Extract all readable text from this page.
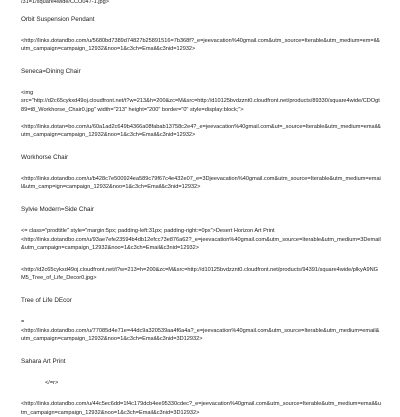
/31=1/square4wide/CCO047-1.jpg>
Orbit Suspension Pendant
<http://links.dotandbo.com/u/5680bd7389d74827b25891516=7b368f?_e=jeevacation%40gmail.com&utm_source=Iterable&utm_medium=em=il&utm_campaign=campaign_12932&noo=1&c3ch=Email&c3nid=12932>
Seneca=Dining Chair
<img
src="http://d2c65cykxd49oj.cloudfront.net/t?w=213&h=200&zc=M&src=http://d10125bvdzznt0.cloudfront.net/products/89330/square4wide/CDOgt89=t8_Workhorse_Chair0.jpg" width="213" height="200" border="0" style=display:block;">
<http://links.dotan=bo.com/u/60a1ad2c649b4366a08fabab13758c2e4?_e=jeevacation%40gmail.com&ut=_source=Iterable&utm_medium=email&utm_campaign=campaign_12932&noo=1&c3ch=Email&c3nid=12932>
Workhorse Chair
<http://links.dotandbo.com/u/b428c7e500924ea589c79f67c4e432e07_e=3Djeevacation%40gmail.com&utm_source=Iterable&utm_medium=email&utm_camp=ign=campaign_12932&noo=1&c3ch=Email&c3nid=12932>
Sylvie Modern=Side Chair
<= class="prodtitle" style="margin:5px; padding-left:31px; padding-right:=0px">Desert Horizon Art Print
<http://links.dotandbo.com/u/93ae7efe23594b4db12efcc73e876a62?_e=jeevacation%40gmail.com&utm_source=Iterable&utm_medium=3Demail&utm_campaign=campaign_12932&noo=1&c3ch=Email&c3nid=12932>
<http://d2c65cykxd49oj.cloudfront.net/t?w=213=h=200&zc=M&src=http://d10125bvdzznt0.cloudfront.net/products/94391/square4wide/plkyA9NGM5_Tree_of_Life_Decor0.jpg>
Tree of Life DEcor
=
<http://links.dotandbo.com/u/77085d4e71e=44dc9a320539aa4f6a4a?_e=jeevacation%40gmail.com&utm_source=Iterable&utm_medium=email&utm_campaign=campaign_12932&noo=1&c3ch=Email&c3nid=3D12932>
Sahara Art Print
</=r>
<http://links.dotandbo.com/u/44c5ec6dd=1f4c179dcb4ee95330cdec?_e=jeevacation%40gmail.com&utm_source=Iterable&utm_medium=email&utm_campaign=campaign_12932&noo=1&c3ch=Email&c3nid=3D12932>
